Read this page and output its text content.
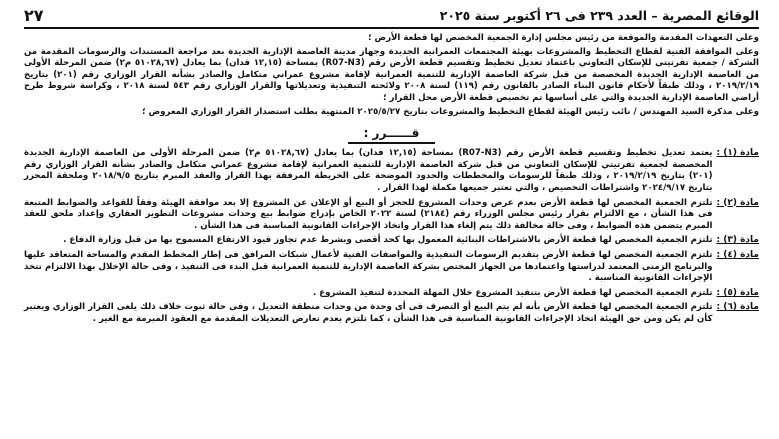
الوقائع المصرية – العدد ٢٣٩ فى ٢٦ أكتوبر سنة ٢٠٢٥
٢٧

وعلى التعهدات المقدمة والموقعة من رئيس مجلس إدارة الجمعية المخصص لها قطعة الأرض ؛

وعلى الموافقة الفنية لقطاع التخطيط والمشروعات بهيئة المجتمعات العمرانية الجديدة وجهاز مدينة العاصمة الإدارية الجديدة بعد مراجعة المستندات والرسومات المقدمة من الشركة / جمعية تفرتيتي للإسكان التعاوني باعتماد تعديل تخطيط وتقسيم قطعة الأرض رقم (R07-N3) بمساحة (١٢,١٥ فدان) بما يعادل (٥١٠٢٨,٦٧ م٢) ضمن المرحلة الأولى من العاصمة الإدارية الجديدة المخصصة من قبل شركة العاصمة الإدارية للتنمية العمرانية لإقامة مشروع عمراني متكامل والصادر بشأنه القرار الوزاري رقم (٢٠١) بتاريخ ٢٠١٩/٢/١٩ ، وذلك طبقاً لأحكام قانون البناء الصادر بالقانون رقم (١١٩) لسنة ٢٠٠٨ ولائحته التنفيذية وتعديلاتها والقرار الوزاري رقم ٥٤٣ لسنة ٢٠١٨ ، وكراسة شروط طرح أراضي العاصمة الإدارية الجديدة والتي على أساسها تم تخصيص قطعة الأرض محل القرار ؛

وعلى مذكرة السيد المهندس / نائب رئيس الهيئة لقطاع التخطيط والمشروعات بتاريخ ٢٠٢٥/٥/٢٧ المنتهية بطلب استصدار القرار الوزاري المعروض ؛

قــــــرر :
مادة (١) :
يعتمد تعديل تخطيط وتقسيم قطعة الأرض رقم (R07-N3) بمساحة (١٢,١٥ فدان) بما يعادل (٥١٠٢٨,٦٧ م٢) ضمن المرحلة الأولى من العاصمة الإدارية الجديدة المخصصة لجمعية تفرتيتي للإسكان التعاوني من قبل شركة العاصمة الإدارية للتنمية العمرانية لإقامة مشروع عمراني متكامل والصادر بشأنه القرار الوزاري رقم (٢٠١) بتاريخ ٢٠١٩/٢/١٩ ، وذلك طبقاً للرسومات والمخططات والحدود الموضحة على الخريطة المرفقة بهذا القرار والعقد المبرم بتاريخ ٢٠١٨/٩/٥ وملحقة المحرر بتاريخ ٢٠٢٤/٩/١٧ واشتراطات التخصيص ، والتي تعتبر جميعها مكملة لهذا القرار .
مادة (٢) :
تلتزم الجمعية المخصص لها قطعة الأرض بعدم عرض وحدات المشروع للحجز أو البيع أو الإعلان عن المشروع إلا بعد موافقة الهيئة وفقاً للقواعد والضوابط المتبعة فى هذا الشأن ، مع الالتزام بقرار رئيس مجلس الوزراء رقم (٢١٨٤) لسنة ٢٠٢٢ الخاص بإدراج ضوابط بيع وحدات مشروعات التطوير العقاري وإعداد ملحق للعقد المبرم يتضمن هذه الضوابط ، وفى حالة مخالفة ذلك يتم إلغاء هذا القرار واتخاذ الإجراءات القانونية المناسبة فى هذا الشأن .
مادة (٣) :
تلتزم الجمعية المخصص لها قطعة الأرض بالاشتراطات البنائية المعمول بها كحد أقصى وبشرط عدم تجاوز قيود الارتفاع المسموح بها من قبل وزارة الدفاع .
مادة (٤) :
تلتزم الجمعية المخصص لها قطعة الأرض بتقديم الرسومات التنفيذية والمواصفات الفنية لأعمال شبكات المرافق فى إطار المخطط المقدم والمساحة المتعاقد عليها والبرنامج الزمنى المعتمد لدراستها واعتمادها من الجهاز المختص بشركة العاصمة الإدارية للتنمية العمرانية قبل البدء فى التنفيذ ، وفى حالة الإخلال بهذا الالتزام تتخذ الإجراءات القانونية المناسبة .
مادة (٥) :
تلتزم الجمعية المخصص لها قطعة الأرض بتنفيذ المشروع خلال المهلة المحددة لتنفيذ المشروع .
مادة (٦) :
تلتزم الجمعية المخصص لها قطعة الأرض بأنه لم يتم البيع أو التصرف فى أى وحدة من وحدات منطقة التعديل ، وفى حالة ثبوت خلاف ذلك يلغى القرار الوزاري ويعتبر كأن لم يكن ومن حق الهيئة اتخاذ الإجراءات القانونية المناسبة فى هذا الشأن ، كما تلتزم بعدم تعارض التعديلات المقدمة مع العقود المبرمة مع الغير .
